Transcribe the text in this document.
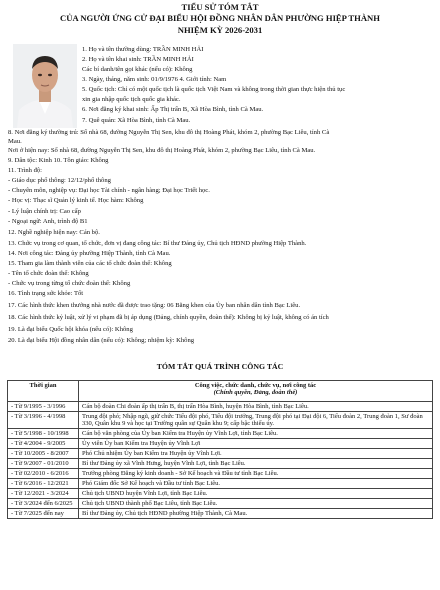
TIỂU SỬ TÓM TẮT
CỦA NGƯỜI ỨNG CỬ ĐẠI BIỂU HỘI ĐỒNG NHÂN DÂN PHƯỜNG HIỆP THÀNH
NHIỆM KỲ 2026-2031
1. Họ và tên thường dùng: TRẦN MINH HẢI
2. Họ và tên khai sinh: TRẦN MINH HẢI
Các bí danh/tên gọi khác (nếu có): Không
3. Ngày, tháng, năm sinh: 01/9/1976 4. Giới tính: Nam
5. Quốc tịch: Chỉ có một quốc tịch là quốc tịch Việt Nam và không trong thời gian thực hiện thủ tục
xin gia nhập quốc tịch quốc gia khác.
6. Nơi đăng ký khai sinh: Ấp Thị trấn B, Xã Hòa Bình, tỉnh Cà Mau.
7. Quê quán: Xã Hòa Bình, tỉnh Cà Mau.
8. Nơi đăng ký thường trú: Số nhà 68, đường Nguyễn Thị Sen, khu đô thị Hoàng Phát, khóm 2, phường Bạc Liêu, tỉnh Cà
Mau.
Nơi ở hiện nay: Số nhà 68, đường Nguyễn Thị Sen, khu đô thị Hoàng Phát, khóm 2, phường Bạc Liêu, tỉnh Cà Mau.
9. Dân tộc: Kinh 10. Tôn giáo: Không
11. Trình độ:
- Giáo dục phổ thông: 12/12/phổ thông
- Chuyên môn, nghiệp vụ: Đại học Tài chính - ngân hàng; Đại học Triết học.
- Học vị: Thạc sĩ Quản lý kinh tế. Học hàm: Không
- Lý luận chính trị: Cao cấp
- Ngoại ngữ: Anh, trình độ B1
12. Nghề nghiệp hiện nay: Cán bộ.
13. Chức vụ trong cơ quan, tổ chức, đơn vị đang công tác: Bí thư Đảng ủy, Chủ tịch HĐND phường Hiệp Thành.
14. Nơi công tác: Đảng ủy phường Hiệp Thành, tỉnh Cà Mau.
15. Tham gia làm thành viên của các tổ chức đoàn thể: Không
- Tên tổ chức đoàn thể: Không
- Chức vụ trong từng tổ chức đoàn thể: Không
16. Tình trạng sức khỏe: Tốt
17. Các hình thức khen thưởng nhà nước đã được trao tặng: 06 Bằng khen của Ủy ban nhân dân tỉnh Bạc Liêu.
18. Các hình thức kỷ luật, xử lý vi phạm đã bị áp dụng (Đảng, chính quyền, đoàn thể): Không bị kỷ luật, không có án tích
19. Là đại biểu Quốc hội khóa (nếu có): Không
20. Là đại biểu Hội đồng nhân dân (nếu có): Không; nhiệm kỳ: Không
TÓM TẮT QUÁ TRÌNH CÔNG TÁC
Thời gian	Công việc, chức danh, chức vụ, nơi công tác
(Chính quyền, Đảng, đoàn thể)

- Từ 9/1995 - 3/1996	Cán bộ đoàn Chi đoàn ấp thị trấn B, thị trấn Hòa Bình, huyện Hòa Bình, tỉnh Bạc Liêu.
- Từ 3/1996 - 4/1998	Trung đội phó; Nhập ngũ, giữ chức Tiểu đội phó, Tiểu đội trưởng, Trung đội phó tại Đại đội 6, Tiểu đoàn 2, Trung đoàn 1, Sư đoàn 330, Quân khu 9 và học tại Trường quân sự Quân khu 9; cấp bậc thiếu úy.
- Từ 5/1998 - 10/1998	Cán bộ văn phòng của Ủy ban Kiểm tra Huyện ủy Vĩnh Lợi, tỉnh Bạc Liêu.
- Từ 4/2004 - 9/2005	Ủy viên Ủy ban Kiểm tra Huyện ủy Vĩnh Lợi
- Từ 10/2005 - 8/2007	Phó Chủ nhiệm Ủy ban Kiểm tra Huyện ủy Vĩnh Lợi.
- Từ 9/2007 - 01/2010	Bí thư Đảng ủy xã Vĩnh Hưng, huyện Vĩnh Lợi, tỉnh Bạc Liêu.
- Từ 02/2010 - 6/2016	Trưởng phòng Đăng ký kinh doanh - Sở Kế hoạch và Đầu tư tỉnh Bạc Liêu.
- Từ 6/2016 - 12/2021	Phó Giám đốc Sở Kế hoạch và Đầu tư tỉnh Bạc Liêu.
- Từ 12/2021 - 3/2024	Chủ tịch UBND huyện Vĩnh Lợi, tỉnh Bạc Liêu.
- Từ 3/2024 đến 6/2025	Chủ tịch UBND thành phố Bạc Liêu, tỉnh Bạc Liêu.
- Từ 7/2025 đến nay	Bí thư Đảng ủy, Chủ tịch HĐND phường Hiệp Thành, Cà Mau.
